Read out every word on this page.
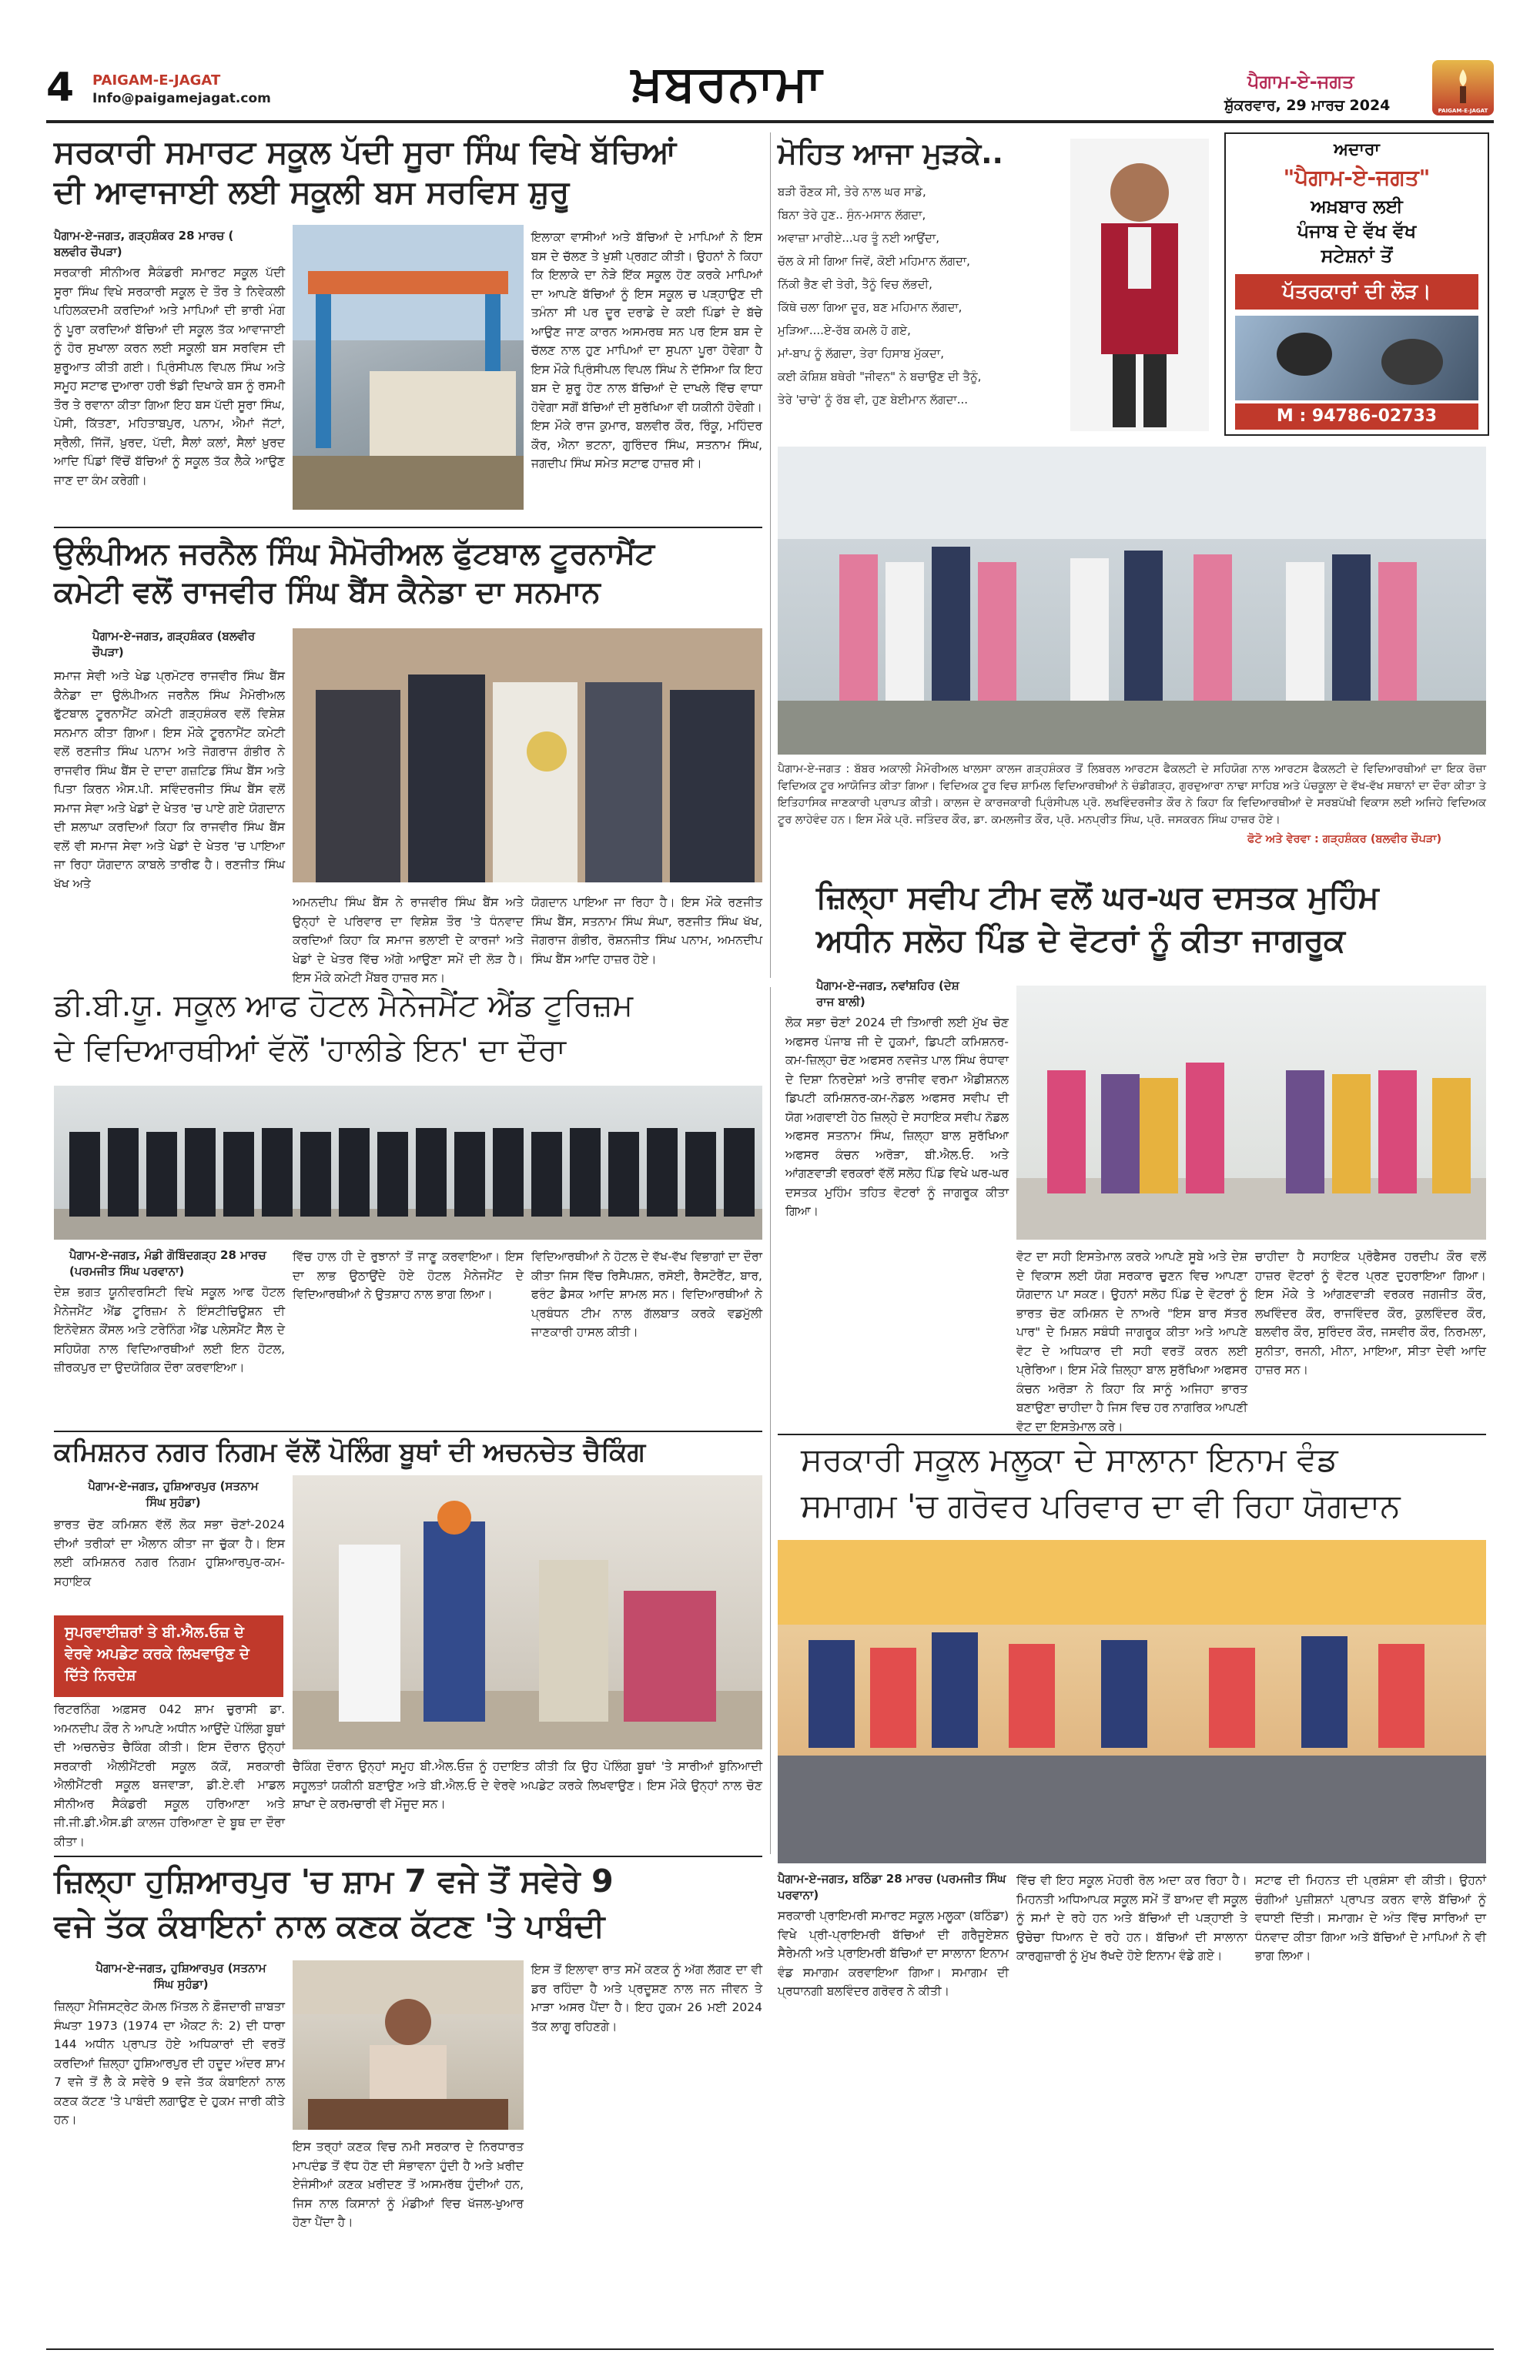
4 PAIGAM-E-JAGAT
Info@paigamejagat.com	ਖ਼ਬਰਨਾਮਾ	ਪੈਗਾਮ-ਏ-ਜਗਤ
ਸ਼ੁੱਕਰਵਾਰ, 29 ਮਾਰਚ 2024	PAIGAM-E-JAGAT
ਸਰਕਾਰੀ ਸਮਾਰਟ ਸਕੂਲ ਪੱਦੀ ਸੂਰਾ ਸਿੰਘ ਵਿਖੇ ਬੱਚਿਆਂ
ਦੀ ਆਵਾਜਾਈ ਲਈ ਸਕੂਲੀ ਬਸ ਸਰਵਿਸ ਸ਼ੁਰੂ
ਪੈਗਾਮ-ਏ-ਜਗਤ, ਗੜ੍ਹਸ਼ੰਕਰ 28 ਮਾਰਚ ( ਬਲਵੀਰ ਚੌਪੜਾ)
ਸਰਕਾਰੀ ਸੀਨੀਅਰ ਸੈਕੰਡਰੀ ਸਮਾਰਟ ਸਕੂਲ ਪੱਦੀ ਸੂਰਾ ਸਿੰਘ ਵਿਖੇ ਸਰਕਾਰੀ ਸਕੂਲ ਦੇ ਤੌਰ ਤੇ ਨਿਵੇਕਲੀ ਪਹਿਲਕਦਮੀ ਕਰਦਿਆਂ ਅਤੇ ਮਾਪਿਆਂ ਦੀ ਭਾਰੀ ਮੰਗ ਨੂੰ ਪੂਰਾ ਕਰਦਿਆਂ ਬੱਚਿਆਂ ਦੀ ਸਕੂਲ ਤੱਕ ਆਵਾਜਾਈ ਨੂੰ ਹੋਰ ਸੁਖਾਲਾ ਕਰਨ ਲਈ ਸਕੂਲੀ ਬਸ ਸਰਵਿਸ ਦੀ ਸ਼ੁਰੂਆਤ ਕੀਤੀ ਗਈ। ਪ੍ਰਿੰਸੀਪਲ ਵਿਪਲ ਸਿੰਘ ਅਤੇ ਸਮੂਹ ਸਟਾਫ ਦੁਆਰਾ ਹਰੀ ਝੰਡੀ ਦਿਖਾਕੇ ਬਸ ਨੂੰ ਰਸਮੀ ਤੌਰ ਤੇ ਰਵਾਨਾ ਕੀਤਾ ਗਿਆ ਇਹ ਬਸ ਪੱਦੀ ਸੂਰਾ ਸਿੰਘ, ਪੋਸੀ, ਕਿੱਤਣਾ, ਮਹਿਤਾਬਪੁਰ, ਪਨਾਮ, ਐਮਾਂ ਜੱਟਾਂ, ਸ੍ਰੈਲੀ, ਜਿੱਜੋਂ, ਖ਼ੁਰਦ, ਪੱਦੀ, ਸੈਲਾਂ ਕਲਾਂ, ਸੈਲਾਂ ਖ਼ੁਰਦ ਆਦਿ ਪਿੰਡਾਂ ਵਿੱਚੋਂ ਬੱਚਿਆਂ ਨੂੰ ਸਕੂਲ ਤੱਕ ਲੈਕੇ ਆਉਣ ਜਾਣ ਦਾ ਕੰਮ ਕਰੇਗੀ।
ਇਲਾਕਾ ਵਾਸੀਆਂ ਅਤੇ ਬੱਚਿਆਂ ਦੇ ਮਾਪਿਆਂ ਨੇ ਇਸ ਬਸ ਦੇ ਚੱਲਣ ਤੇ ਖੁਸ਼ੀ ਪ੍ਰਗਟ ਕੀਤੀ। ਉਹਨਾਂ ਨੇ ਕਿਹਾ ਕਿ ਇਲਾਕੇ ਦਾ ਨੇੜੇ ਇੱਕ ਸਕੂਲ ਹੋਣ ਕਰਕੇ ਮਾਪਿਆਂ ਦਾ ਆਪਣੇ ਬੱਚਿਆਂ ਨੂੰ ਇਸ ਸਕੂਲ ਚ ਪੜ੍ਹਾਉਣ ਦੀ ਤਮੰਨਾ ਸੀ ਪਰ ਦੂਰ ਦਰਾਡੇ ਦੇ ਕਈ ਪਿੰਡਾਂ ਦੇ ਬੱਚੇ ਆਉਣ ਜਾਣ ਕਾਰਨ ਅਸਮਰਥ ਸਨ ਪਰ ਇਸ ਬਸ ਦੇ ਚੱਲਣ ਨਾਲ ਹੁਣ ਮਾਪਿਆਂ ਦਾ ਸੁਪਨਾ ਪੂਰਾ ਹੋਵੇਗਾ ਹੈ ਇਸ ਮੌਕੇ ਪ੍ਰਿੰਸੀਪਲ ਵਿਪਲ ਸਿੰਘ ਨੇ ਦੱਸਿਆ ਕਿ ਇਹ ਬਸ ਦੇ ਸ਼ੁਰੂ ਹੋਣ ਨਾਲ ਬੱਚਿਆਂ ਦੇ ਦਾਖਲੇ ਵਿੱਚ ਵਾਧਾ ਹੋਵੇਗਾ ਸਗੋਂ ਬੱਚਿਆਂ ਦੀ ਸੁਰੱਖਿਆ ਵੀ ਯਕੀਨੀ ਹੋਵੇਗੀ।ਇਸ ਮੌਕੇ ਰਾਜ ਕੁਮਾਰ, ਬਲਵੀਰ ਕੌਰ, ਰਿੰਕੂ, ਮਹਿੰਦਰ ਕੌਰ, ਐਨਾ ਭਟਨਾ, ਗੁਰਿੰਦਰ ਸਿੰਘ, ਸਤਨਾਮ ਸਿੰਘ, ਜਗਦੀਪ ਸਿੰਘ ਸਮੇਤ ਸਟਾਫ ਹਾਜ਼ਰ ਸੀ।
ਉਲੰਪੀਅਨ ਜਰਨੈਲ ਸਿੰਘ ਮੈਮੋਰੀਅਲ ਫੁੱਟਬਾਲ ਟੂਰਨਾਮੈਂਟ
ਕਮੇਟੀ ਵਲੋਂ ਰਾਜਵੀਰ ਸਿੰਘ ਬੈਂਸ ਕੈਨੇਡਾ ਦਾ ਸਨਮਾਨ
ਪੈਗਾਮ-ਏ-ਜਗਤ, ਗੜ੍ਹਸ਼ੰਕਰ (ਬਲਵੀਰ ਚੌਪੜਾ)
ਸਮਾਜ ਸੇਵੀ ਅਤੇ ਖੇਡ ਪ੍ਰਮੋਟਰ ਰਾਜਵੀਰ ਸਿੰਘ ਬੈਂਸ ਕੈਨੇਡਾ ਦਾ ਉਲੰਪੀਅਨ ਜਰਨੈਲ ਸਿੰਘ ਮੈਮੋਰੀਅਲ ਫੁੱਟਬਾਲ ਟੂਰਨਾਮੈਂਟ ਕਮੇਟੀ ਗੜ੍ਹਸ਼ੰਕਰ ਵਲੋਂ ਵਿਸ਼ੇਸ਼ ਸਨਮਾਨ ਕੀਤਾ ਗਿਆ। ਇਸ ਮੌਕੇ ਟੂਰਨਾਮੈਂਟ ਕਮੇਟੀ ਵਲੋਂ ਰਣਜੀਤ ਸਿੰਘ ਪਨਾਮ ਅਤੇ ਜੋਗਰਾਜ ਗੰਭੀਰ ਨੇ ਰਾਜਵੀਰ ਸਿੰਘ ਬੈਂਸ ਦੇ ਦਾਦਾ ਗਜ਼ਟਿਡ ਸਿੰਘ ਬੈਂਸ ਅਤੇ ਪਿਤਾ ਕਿਰਨ ਐਸ.ਪੀ. ਸਵਿੰਦਰਜੀਤ ਸਿੰਘ ਬੈਂਸ ਵਲੋਂ ਸਮਾਜ ਸੇਵਾ ਅਤੇ ਖੇਡਾਂ ਦੇ ਖੇਤਰ 'ਚ ਪਾਏ ਗਏ ਯੋਗਦਾਨ ਦੀ ਸ਼ਲਾਘਾ ਕਰਦਿਆਂ ਕਿਹਾ ਕਿ ਰਾਜਵੀਰ ਸਿੰਘ ਬੈਂਸ ਵਲੋਂ ਵੀ ਸਮਾਜ ਸੇਵਾ ਅਤੇ ਖੇਡਾਂ ਦੇ ਖੇਤਰ 'ਚ ਪਾਇਆ ਜਾ ਰਿਹਾ ਯੋਗਦਾਨ ਕਾਬਲੇ ਤਾਰੀਫ ਹੈ। ਰਣਜੀਤ ਸਿੰਘ ਖੱਖ ਅਤੇ
ਅਮਨਦੀਪ ਸਿੰਘ ਬੈਂਸ ਨੇ ਰਾਜਵੀਰ ਸਿੰਘ ਬੈਂਸ ਅਤੇ ਉਨ੍ਹਾਂ ਦੇ ਪਰਿਵਾਰ ਦਾ ਵਿਸ਼ੇਸ਼ ਤੌਰ 'ਤੇ ਧੰਨਵਾਦ ਕਰਦਿਆਂ ਕਿਹਾ ਕਿ ਸਮਾਜ ਭਲਾਈ ਦੇ ਕਾਰਜਾਂ ਅਤੇ ਖੇਡਾਂ ਦੇ ਖੇਤਰ ਵਿੱਚ ਅੱਗੇ ਆਉਣਾ ਸਮੇਂ ਦੀ ਲੋੜ ਹੈ। ਇਸ ਮੌਕੇ ਕਮੇਟੀ ਮੈਂਬਰ ਹਾਜ਼ਰ ਸਨ।
ਯੋਗਦਾਨ ਪਾਇਆ ਜਾ ਰਿਹਾ ਹੈ। ਇਸ ਮੌਕੇ ਰਣਜੀਤ ਸਿੰਘ ਬੈਂਸ, ਸਤਨਾਮ ਸਿੰਘ ਸੰਘਾ, ਰਣਜੀਤ ਸਿੰਘ ਖੱਖ, ਜੋਗਰਾਜ ਗੰਭੀਰ, ਰੋਸ਼ਨਜੀਤ ਸਿੰਘ ਪਨਾਮ, ਅਮਨਦੀਪ ਸਿੰਘ ਬੈਂਸ ਆਦਿ ਹਾਜ਼ਰ ਹੋਏ।
ਮੋਹਿਤ ਆਜਾ ਮੁੜਕੇ..
ਬੜੀ ਰੌਣਕ ਸੀ, ਤੇਰੇ ਨਾਲ ਘਰ ਸਾਡੇ,
ਬਿਨਾ ਤੇਰੇ ਹੁਣ.. ਸੁੰਨ-ਮਸਾਨ ਲੱਗਦਾ,
ਅਵਾਜ਼ਾ ਮਾਰੀਏ...ਪਰ ਤੂੰ ਨਈ ਆਉਂਦਾ,
ਚੱਲ ਕੇ ਸੀ ਗਿਆ ਜਿਵੇਂ, ਕੋਈ ਮਹਿਮਾਨ ਲੱਗਦਾ,
ਨਿੱਕੀ ਭੈਣ ਵੀ ਤੇਰੀ, ਤੈਨੂੰ ਵਿਚ ਲੱਭਦੀ,
ਕਿੱਥੇ ਚਲਾ ਗਿਆ ਦੂਰ, ਬਣ ਮਹਿਮਾਨ ਲੱਗਦਾ,
ਮੁੜਿਆ....ਏ-ਰੱਬ ਕਮਲੇ ਹੋ ਗਏ,
ਮਾਂ-ਬਾਪ ਨੂੰ ਲੱਗਦਾ, ਤੇਰਾ ਹਿਸਾਬ ਮੁੱਕਦਾ,
ਕਈ ਕੋਸ਼ਿਸ਼ ਬਥੇਰੀ "ਜੀਵਨ" ਨੇ ਬਚਾਉਣ ਦੀ ਤੈਨੂੰ,
ਤੇਰੇ 'ਚਾਚੇ' ਨੂੰ ਰੱਬ ਵੀ, ਹੁਣ ਬੇਈਮਾਨ ਲੱਗਦਾ...
ਅਦਾਰਾ
"ਪੈਗਾਮ-ਏ-ਜਗਤ"
ਅਖ਼ਬਾਰ ਲਈ
ਪੰਜਾਬ ਦੇ ਵੱਖ ਵੱਖ
ਸਟੇਸ਼ਨਾਂ ਤੋਂ
ਪੱਤਰਕਾਰਾਂ ਦੀ ਲੋੜ।
M : 94786-02733
ਪੈਗਾਮ-ਏ-ਜਗਤ : ਬੱਬਰ ਅਕਾਲੀ ਮੈਮੋਰੀਅਲ ਖਾਲਸਾ ਕਾਲਜ ਗੜ੍ਹਸ਼ੰਕਰ ਤੋਂ ਲਿਬਰਲ ਆਰਟਸ ਫੈਕਲਟੀ ਦੇ ਸਹਿਯੋਗ ਨਾਲ ਆਰਟਸ ਫੈਕਲਟੀ ਦੇ ਵਿਦਿਆਰਥੀਆਂ ਦਾ ਇਕ ਰੋਜ਼ਾ ਵਿਦਿਅਕ ਟੂਰ ਆਯੋਜਿਤ ਕੀਤਾ ਗਿਆ। ਵਿਦਿਅਕ ਟੂਰ ਵਿਚ ਸ਼ਾਮਿਲ ਵਿਦਿਆਰਥੀਆਂ ਨੇ ਚੰਡੀਗੜ੍ਹ, ਗੁਰਦੁਆਰਾ ਨਾਢਾ ਸਾਹਿਬ ਅਤੇ ਪੰਚਕੂਲਾ ਦੇ ਵੱਖ-ਵੱਖ ਸਥਾਨਾਂ ਦਾ ਦੌਰਾ ਕੀਤਾ ਤੇ ਇਤਿਹਾਸਿਕ ਜਾਣਕਾਰੀ ਪ੍ਰਾਪਤ ਕੀਤੀ। ਕਾਲਜ ਦੇ ਕਾਰਜਕਾਰੀ ਪ੍ਰਿੰਸੀਪਲ ਪ੍ਰੋ. ਲਖਵਿੰਦਰਜੀਤ ਕੌਰ ਨੇ ਕਿਹਾ ਕਿ ਵਿਦਿਆਰਥੀਆਂ ਦੇ ਸਰਬਪੱਖੀ ਵਿਕਾਸ ਲਈ ਅਜਿਹੇ ਵਿਦਿਅਕ ਟੂਰ ਲਾਹੇਵੰਦ ਹਨ। ਇਸ ਮੌਕੇ ਪ੍ਰੋ. ਜਤਿੰਦਰ ਕੌਰ, ਡਾ. ਕਮਲਜੀਤ ਕੌਰ, ਪ੍ਰੋ. ਮਨਪ੍ਰੀਤ ਸਿੰਘ, ਪ੍ਰੋ. ਜਸਕਰਨ ਸਿੰਘ ਹਾਜ਼ਰ ਹੋਏ।
ਫੋਟੋ ਅਤੇ ਵੇਰਵਾ : ਗੜ੍ਹਸ਼ੰਕਰ (ਬਲਵੀਰ ਚੌਪੜਾ)
ਜ਼ਿਲ੍ਹਾ ਸਵੀਪ ਟੀਮ ਵਲੋਂ ਘਰ-ਘਰ ਦਸਤਕ ਮੁਹਿੰਮ
ਅਧੀਨ ਸਲੋਹ ਪਿੰਡ ਦੇ ਵੋਟਰਾਂ ਨੂੰ ਕੀਤਾ ਜਾਗਰੂਕ
ਪੈਗਾਮ-ਏ-ਜਗਤ, ਨਵਾਂਸ਼ਹਿਰ (ਦੇਸ਼ ਰਾਜ ਬਾਲੀ)
ਲੋਕ ਸਭਾ ਚੋਣਾਂ 2024 ਦੀ ਤਿਆਰੀ ਲਈ ਮੁੱਖ ਚੋਣ ਅਫਸਰ ਪੰਜਾਬ ਜੀ ਦੇ ਹੁਕਮਾਂ, ਡਿਪਟੀ ਕਮਿਸ਼ਨਰ-ਕਮ-ਜ਼ਿਲ੍ਹਾ ਚੋਣ ਅਫਸਰ ਨਵਜੋਤ ਪਾਲ ਸਿੰਘ ਰੰਧਾਵਾ ਦੇ ਦਿਸ਼ਾ ਨਿਰਦੇਸ਼ਾਂ ਅਤੇ ਰਾਜੀਵ ਵਰਮਾ ਐਡੀਸ਼ਨਲ ਡਿਪਟੀ ਕਮਿਸ਼ਨਰ-ਕਮ-ਨੋਡਲ ਅਫਸਰ ਸਵੀਪ ਦੀ ਯੋਗ ਅਗਵਾਈ ਹੇਠ ਜ਼ਿਲ੍ਹੇ ਦੇ ਸਹਾਇਕ ਸਵੀਪ ਨੋਡਲ ਅਫਸਰ ਸਤਨਾਮ ਸਿੰਘ, ਜ਼ਿਲ੍ਹਾ ਬਾਲ ਸੁਰੱਖਿਆ ਅਫਸਰ ਕੰਚਨ ਅਰੋੜਾ, ਬੀ.ਐਲ.ਓ. ਅਤੇ ਆਂਗਣਵਾੜੀ ਵਰਕਰਾਂ ਵੱਲੋਂ ਸਲੋਹ ਪਿੰਡ ਵਿਖੇ ਘਰ-ਘਰ ਦਸਤਕ ਮੁਹਿੰਮ ਤਹਿਤ ਵੋਟਰਾਂ ਨੂੰ ਜਾਗਰੂਕ ਕੀਤਾ ਗਿਆ।
ਵੋਟ ਦਾ ਸਹੀ ਇਸਤੇਮਾਲ ਕਰਕੇ ਆਪਣੇ ਸੂਬੇ ਅਤੇ ਦੇਸ਼ ਦੇ ਵਿਕਾਸ ਲਈ ਯੋਗ ਸਰਕਾਰ ਚੁਣਨ ਵਿਚ ਆਪਣਾ ਯੋਗਦਾਨ ਪਾ ਸਕਣ। ਉਹਨਾਂ ਸਲੋਹ ਪਿੰਡ ਦੇ ਵੋਟਰਾਂ ਨੂੰ ਭਾਰਤ ਚੋਣ ਕਮਿਸ਼ਨ ਦੇ ਨਾਅਰੇ "ਇਸ ਬਾਰ ਸੱਤਰ ਪਾਰ" ਦੇ ਮਿਸ਼ਨ ਸਬੰਧੀ ਜਾਗਰੂਕ ਕੀਤਾ ਅਤੇ ਆਪਣੇ ਵੋਟ ਦੇ ਅਧਿਕਾਰ ਦੀ ਸਹੀ ਵਰਤੋਂ ਕਰਨ ਲਈ ਪ੍ਰੇਰਿਆ। ਇਸ ਮੌਕੇ ਜ਼ਿਲ੍ਹਾ ਬਾਲ ਸੁਰੱਖਿਆ ਅਫਸਰ ਕੰਚਨ ਅਰੋੜਾ ਨੇ ਕਿਹਾ ਕਿ ਸਾਨੂੰ ਅਜਿਹਾ ਭਾਰਤ ਬਣਾਉਣਾ ਚਾਹੀਦਾ ਹੈ ਜਿਸ ਵਿਚ ਹਰ ਨਾਗਰਿਕ ਆਪਣੀ ਵੋਟ ਦਾ ਇਸਤੇਮਾਲ ਕਰੇ।
ਚਾਹੀਦਾ ਹੈ ਸਹਾਇਕ ਪ੍ਰੋਫੈਸਰ ਹਰਦੀਪ ਕੌਰ ਵਲੋਂ ਹਾਜ਼ਰ ਵੋਟਰਾਂ ਨੂੰ ਵੋਟਰ ਪ੍ਰਣ ਦੁਹਰਾਇਆ ਗਿਆ। ਇਸ ਮੌਕੇ ਤੇ ਆਂਗਣਵਾੜੀ ਵਰਕਰ ਜਗਜੀਤ ਕੌਰ, ਲਖਵਿੰਦਰ ਕੌਰ, ਰਾਜਵਿੰਦਰ ਕੌਰ, ਕੁਲਵਿੰਦਰ ਕੌਰ, ਬਲਵੀਰ ਕੌਰ, ਸੁਰਿੰਦਰ ਕੌਰ, ਜਸਵੀਰ ਕੌਰ, ਨਿਰਮਲਾ, ਸੁਨੀਤਾ, ਰਜਨੀ, ਮੀਨਾ, ਮਾਇਆ, ਸੀਤਾ ਦੇਵੀ ਆਦਿ ਹਾਜ਼ਰ ਸਨ।
ਡੀ.ਬੀ.ਯੂ. ਸਕੂਲ ਆਫ ਹੋਟਲ ਮੈਨੇਜਮੈਂਟ ਐਂਡ ਟੂਰਿਜ਼ਮ
ਦੇ ਵਿਦਿਆਰਥੀਆਂ ਵੱਲੋਂ 'ਹਾਲੀਡੇ ਇਨ' ਦਾ ਦੌਰਾ
ਪੈਗਾਮ-ਏ-ਜਗਤ, ਮੰਡੀ ਗੋਬਿੰਦਗੜ੍ਹ 28 ਮਾਰਚ (ਪਰਮਜੀਤ ਸਿੰਘ ਪਰਵਾਨਾ)
ਦੇਸ਼ ਭਗਤ ਯੂਨੀਵਰਸਿਟੀ ਵਿਖੇ ਸਕੂਲ ਆਫ ਹੋਟਲ ਮੈਨੇਜਮੈਂਟ ਐਂਡ ਟੂਰਿਜ਼ਮ ਨੇ ਇੰਸਟੀਚਿਊਸ਼ਨ ਦੀ ਇਨੋਵੇਸ਼ਨ ਕੌਂਸਲ ਅਤੇ ਟਰੇਨਿੰਗ ਐਂਡ ਪਲੇਸਮੈਂਟ ਸੈੱਲ ਦੇ ਸਹਿਯੋਗ ਨਾਲ ਵਿਦਿਆਰਥੀਆਂ ਲਈ ਇਨ ਹੋਟਲ, ਜ਼ੀਰਕਪੁਰ ਦਾ ਉਦਯੋਗਿਕ ਦੌਰਾ ਕਰਵਾਇਆ।
ਵਿੱਚ ਹਾਲ ਹੀ ਦੇ ਰੁਝਾਨਾਂ ਤੋਂ ਜਾਣੂ ਕਰਵਾਇਆ। ਇਸ ਦਾ ਲਾਭ ਉਠਾਉਂਦੇ ਹੋਏ ਹੋਟਲ ਮੈਨੇਜਮੈਂਟ ਦੇ ਵਿਦਿਆਰਥੀਆਂ ਨੇ ਉਤਸ਼ਾਹ ਨਾਲ ਭਾਗ ਲਿਆ।
ਵਿਦਿਆਰਥੀਆਂ ਨੇ ਹੋਟਲ ਦੇ ਵੱਖ-ਵੱਖ ਵਿਭਾਗਾਂ ਦਾ ਦੌਰਾ ਕੀਤਾ ਜਿਸ ਵਿੱਚ ਰਿਸੈਪਸ਼ਨ, ਰਸੋਈ, ਰੈਸਟੋਰੈਂਟ, ਬਾਰ, ਫਰੰਟ ਡੈਸਕ ਆਦਿ ਸ਼ਾਮਲ ਸਨ। ਵਿਦਿਆਰਥੀਆਂ ਨੇ ਪ੍ਰਬੰਧਨ ਟੀਮ ਨਾਲ ਗੱਲਬਾਤ ਕਰਕੇ ਵਡਮੁੱਲੀ ਜਾਣਕਾਰੀ ਹਾਸਲ ਕੀਤੀ।
ਕਮਿਸ਼ਨਰ ਨਗਰ ਨਿਗਮ ਵੱਲੋਂ ਪੋਲਿੰਗ ਬੂਥਾਂ ਦੀ ਅਚਨਚੇਤ ਚੈਕਿੰਗ
ਪੈਗਾਮ-ਏ-ਜਗਤ, ਹੁਸ਼ਿਆਰਪੁਰ (ਸਤਨਾਮ ਸਿੰਘ ਸੁਹੰਡਾ)
ਭਾਰਤ ਚੋਣ ਕਮਿਸ਼ਨ ਵੱਲੋਂ ਲੋਕ ਸਭਾ ਚੋਣਾਂ-2024 ਦੀਆਂ ਤਰੀਕਾਂ ਦਾ ਐਲਾਨ ਕੀਤਾ ਜਾ ਚੁੱਕਾ ਹੈ। ਇਸ ਲਈ ਕਮਿਸ਼ਨਰ ਨਗਰ ਨਿਗਮ ਹੁਸ਼ਿਆਰਪੁਰ-ਕਮ-ਸਹਾਇਕ
ਸੁਪਰਵਾਈਜ਼ਰਾਂ ਤੇ ਬੀ.ਐਲ.ਓਜ਼ ਦੇ ਵੇਰਵੇ ਅਪਡੇਟ ਕਰਕੇ ਲਿਖਵਾਉਣ ਦੇ ਦਿੱਤੇ ਨਿਰਦੇਸ਼
ਰਿਟਰਨਿੰਗ ਅਫ਼ਸਰ 042 ਸ਼ਾਮ ਚੁਰਾਸੀ ਡਾ. ਅਮਨਦੀਪ ਕੌਰ ਨੇ ਆਪਣੇ ਅਧੀਨ ਆਉਂਦੇ ਪੋਲਿੰਗ ਬੂਥਾਂ ਦੀ ਅਚਨਚੇਤ ਚੈਕਿੰਗ ਕੀਤੀ। ਇਸ ਦੌਰਾਨ ਉਨ੍ਹਾਂ ਸਰਕਾਰੀ ਐਲੀਮੈਂਟਰੀ ਸਕੂਲ ਕੱਕੋਂ, ਸਰਕਾਰੀ ਐਲੀਮੈਂਟਰੀ ਸਕੂਲ ਬਜਵਾੜਾ, ਡੀ.ਏ.ਵੀ ਮਾਡਲ ਸੀਨੀਅਰ ਸੈਕੰਡਰੀ ਸਕੂਲ ਹਰਿਆਣਾ ਅਤੇ ਜੀ.ਜੀ.ਡੀ.ਐਸ.ਡੀ ਕਾਲਜ ਹਰਿਆਣਾ ਦੇ ਬੂਥ ਦਾ ਦੌਰਾ ਕੀਤਾ।
ਚੈਕਿੰਗ ਦੌਰਾਨ ਉਨ੍ਹਾਂ ਸਮੂਹ ਬੀ.ਐਲ.ਓਜ਼ ਨੂੰ ਹਦਾਇਤ ਕੀਤੀ ਕਿ ਉਹ ਪੋਲਿੰਗ ਬੂਥਾਂ 'ਤੇ ਸਾਰੀਆਂ ਬੁਨਿਆਦੀ ਸਹੂਲਤਾਂ ਯਕੀਨੀ ਬਣਾਉਣ ਅਤੇ ਬੀ.ਐਲ.ਓ ਦੇ ਵੇਰਵੇ ਅਪਡੇਟ ਕਰਕੇ ਲਿਖਵਾਉਣ। ਇਸ ਮੌਕੇ ਉਨ੍ਹਾਂ ਨਾਲ ਚੋਣ ਸ਼ਾਖਾ ਦੇ ਕਰਮਚਾਰੀ ਵੀ ਮੌਜੂਦ ਸਨ।
ਸਰਕਾਰੀ ਸਕੂਲ ਮਲੂਕਾ ਦੇ ਸਾਲਾਨਾ ਇਨਾਮ ਵੰਡ
ਸਮਾਗਮ 'ਚ ਗਰੋਵਰ ਪਰਿਵਾਰ ਦਾ ਵੀ ਰਿਹਾ ਯੋਗਦਾਨ
ਪੈਗਾਮ-ਏ-ਜਗਤ, ਬਠਿੰਡਾ 28 ਮਾਰਚ (ਪਰਮਜੀਤ ਸਿੰਘ ਪਰਵਾਨਾ)
ਸਰਕਾਰੀ ਪ੍ਰਾਇਮਰੀ ਸਮਾਰਟ ਸਕੂਲ ਮਲੂਕਾ (ਬਠਿੰਡਾ) ਵਿਖੇ ਪ੍ਰੀ-ਪ੍ਰਾਇਮਰੀ ਬੱਚਿਆਂ ਦੀ ਗਰੈਜੂਏਸ਼ਨ ਸੈਰੇਮਨੀ ਅਤੇ ਪ੍ਰਾਇਮਰੀ ਬੱਚਿਆਂ ਦਾ ਸਾਲਾਨਾ ਇਨਾਮ ਵੰਡ ਸਮਾਗਮ ਕਰਵਾਇਆ ਗਿਆ। ਸਮਾਗਮ ਦੀ ਪ੍ਰਧਾਨਗੀ ਬਲਵਿੰਦਰ ਗਰੋਵਰ ਨੇ ਕੀਤੀ।
ਵਿੱਚ ਵੀ ਇਹ ਸਕੂਲ ਮੋਹਰੀ ਰੋਲ ਅਦਾ ਕਰ ਰਿਹਾ ਹੈ। ਮਿਹਨਤੀ ਅਧਿਆਪਕ ਸਕੂਲ ਸਮੇਂ ਤੋਂ ਬਾਅਦ ਵੀ ਸਕੂਲ ਨੂੰ ਸਮਾਂ ਦੇ ਰਹੇ ਹਨ ਅਤੇ ਬੱਚਿਆਂ ਦੀ ਪੜ੍ਹਾਈ ਤੇ ਉਚੇਚਾ ਧਿਆਨ ਦੇ ਰਹੇ ਹਨ। ਬੱਚਿਆਂ ਦੀ ਸਾਲਾਨਾ ਕਾਰਗੁਜ਼ਾਰੀ ਨੂੰ ਮੁੱਖ ਰੱਖਦੇ ਹੋਏ ਇਨਾਮ ਵੰਡੇ ਗਏ।
ਸਟਾਫ ਦੀ ਮਿਹਨਤ ਦੀ ਪ੍ਰਸ਼ੰਸਾ ਵੀ ਕੀਤੀ। ਉਹਨਾਂ ਚੰਗੀਆਂ ਪੁਜ਼ੀਸ਼ਨਾਂ ਪ੍ਰਾਪਤ ਕਰਨ ਵਾਲੇ ਬੱਚਿਆਂ ਨੂੰ ਵਧਾਈ ਦਿੱਤੀ। ਸਮਾਗਮ ਦੇ ਅੰਤ ਵਿੱਚ ਸਾਰਿਆਂ ਦਾ ਧੰਨਵਾਦ ਕੀਤਾ ਗਿਆ ਅਤੇ ਬੱਚਿਆਂ ਦੇ ਮਾਪਿਆਂ ਨੇ ਵੀ ਭਾਗ ਲਿਆ।
ਜ਼ਿਲ੍ਹਾ ਹੁਸ਼ਿਆਰਪੁਰ 'ਚ ਸ਼ਾਮ 7 ਵਜੇ ਤੋਂ ਸਵੇਰੇ 9
ਵਜੇ ਤੱਕ ਕੰਬਾਇਨਾਂ ਨਾਲ ਕਣਕ ਕੱਟਣ 'ਤੇ ਪਾਬੰਦੀ
ਪੈਗਾਮ-ਏ-ਜਗਤ, ਹੁਸ਼ਿਆਰਪੁਰ (ਸਤਨਾਮ ਸਿੰਘ ਸੁਹੰਡਾ)
ਜ਼ਿਲ੍ਹਾ ਮੈਜਿਸਟ੍ਰੇਟ ਕੋਮਲ ਮਿੱਤਲ ਨੇ ਫ਼ੌਜਦਾਰੀ ਜ਼ਾਬਤਾ ਸੰਘਤਾ 1973 (1974 ਦਾ ਐਕਟ ਨੰ: 2) ਦੀ ਧਾਰਾ 144 ਅਧੀਨ ਪ੍ਰਾਪਤ ਹੋਏ ਅਧਿਕਾਰਾਂ ਦੀ ਵਰਤੋਂ ਕਰਦਿਆਂ ਜ਼ਿਲ੍ਹਾ ਹੁਸ਼ਿਆਰਪੁਰ ਦੀ ਹਦੂਦ ਅੰਦਰ ਸ਼ਾਮ 7 ਵਜੇ ਤੋਂ ਲੈ ਕੇ ਸਵੇਰੇ 9 ਵਜੇ ਤੱਕ ਕੰਬਾਇਨਾਂ ਨਾਲ ਕਣਕ ਕੱਟਣ 'ਤੇ ਪਾਬੰਦੀ ਲਗਾਉਣ ਦੇ ਹੁਕਮ ਜਾਰੀ ਕੀਤੇ ਹਨ।
ਇਸ ਤਰ੍ਹਾਂ ਕਣਕ ਵਿਚ ਨਮੀ ਸਰਕਾਰ ਦੇ ਨਿਰਧਾਰਤ ਮਾਪਦੰਡ ਤੋਂ ਵੱਧ ਹੋਣ ਦੀ ਸੰਭਾਵਨਾ ਹੁੰਦੀ ਹੈ ਅਤੇ ਖ਼ਰੀਦ ਏਜੰਸੀਆਂ ਕਣਕ ਖ਼ਰੀਦਣ ਤੋਂ ਅਸਮਰੱਥ ਹੁੰਦੀਆਂ ਹਨ, ਜਿਸ ਨਾਲ ਕਿਸਾਨਾਂ ਨੂੰ ਮੰਡੀਆਂ ਵਿਚ ਖੱਜਲ-ਖੁਆਰ ਹੋਣਾ ਪੈਂਦਾ ਹੈ।
ਇਸ ਤੋਂ ਇਲਾਵਾ ਰਾਤ ਸਮੇਂ ਕਣਕ ਨੂੰ ਅੱਗ ਲੱਗਣ ਦਾ ਵੀ ਡਰ ਰਹਿੰਦਾ ਹੈ ਅਤੇ ਪ੍ਰਦੂਸ਼ਣ ਨਾਲ ਜਨ ਜੀਵਨ ਤੇ ਮਾੜਾ ਅਸਰ ਪੈਂਦਾ ਹੈ। ਇਹ ਹੁਕਮ 26 ਮਈ 2024 ਤੱਕ ਲਾਗੂ ਰਹਿਣਗੇ।
